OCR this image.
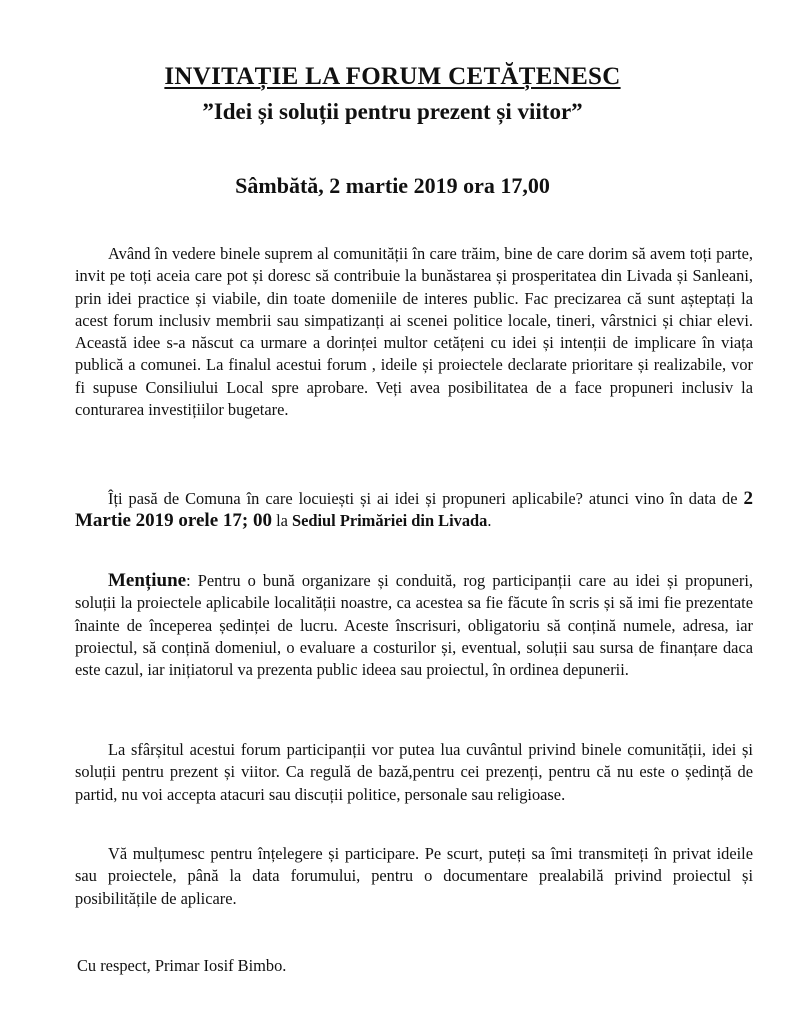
INVITAȚIE LA FORUM CETĂȚENESC
”Idei și soluții pentru prezent și viitor”
Sâmbătă, 2 martie 2019 ora 17,00

Având în vedere binele suprem al comunității în care trăim, bine de care dorim să avem toți parte, invit pe toți aceia care pot și doresc să contribuie la bunăstarea și prosperitatea din Livada și Sanleani, prin idei practice și viabile, din toate domeniile de interes public. Fac precizarea că sunt așteptați la acest forum inclusiv membrii sau simpatizanți ai scenei politice locale, tineri, vârstnici și chiar elevi. Această idee s-a născut ca urmare a dorinței multor cetățeni cu idei și intenții de implicare în viața publică a comunei. La finalul acestui forum , ideile și proiectele declarate prioritare și realizabile, vor fi supuse Consiliului Local spre aprobare. Veți avea posibilitatea de a face propuneri inclusiv la conturarea investițiilor bugetare.

Îți pasă de Comuna în care locuiești și ai idei și propuneri aplicabile? atunci vino în data de 2 Martie 2019 orele 17; 00 la Sediul Primăriei din Livada.

Mențiune: Pentru o bună organizare și conduită, rog participanții care au idei și propuneri, soluții la proiectele aplicabile localității noastre, ca acestea sa fie făcute în scris și să imi fie prezentate înainte de începerea ședinței de lucru. Aceste înscrisuri, obligatoriu să conțină numele, adresa, iar proiectul, să conțină domeniul, o evaluare a costurilor și, eventual, soluții sau sursa de finanțare daca este cazul, iar inițiatorul va prezenta public ideea sau proiectul, în ordinea depunerii.

La sfârșitul acestui forum participanții vor putea lua cuvântul privind binele comunității, idei și soluții pentru prezent și viitor. Ca regulă de bază,pentru cei prezenți, pentru că nu este o ședință de partid, nu voi accepta atacuri sau discuții politice, personale sau religioase.

Vă mulțumesc pentru înțelegere și participare. Pe scurt, puteți sa îmi transmiteți în privat ideile sau proiectele, până la data forumului, pentru o documentare prealabilă privind proiectul și posibilitățile de aplicare.

Cu respect, Primar Iosif Bimbo.
